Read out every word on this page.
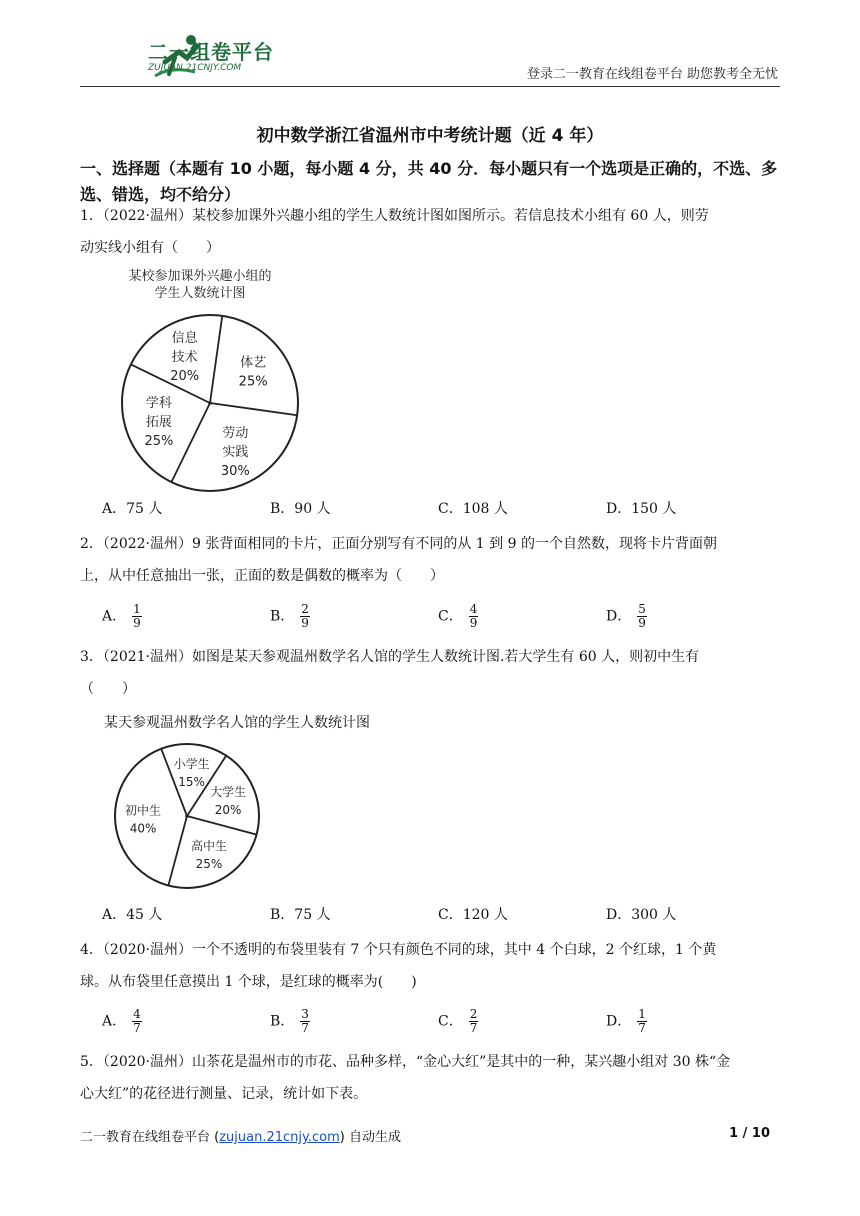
二一组卷平台
ZUJUAN.21CNJY.COM	登录二一教育在线组卷平台 助您教考全无忧
初中数学浙江省温州市中考统计题（近 4 年）
一、选择题（本题有 10 小题，每小题 4 分，共 40 分．每小题只有一个选项是正确的，不选、多选、错选，均不给分）
1．（2022·温州）某校参加课外兴趣小组的学生人数统计图如图所示。若信息技术小组有 60 人，则劳
动实线小组有（　　）
某校参加课外兴趣小组的
学生人数统计图
体艺
25%
劳动
实践
30%
学科
拓展
25%
信息
技术
20%
A．75 人	B．90 人	C．108 人	D．150 人
2．（2022·温州）9 张背面相同的卡片，正面分别写有不同的从 1 到 9 的一个自然数，现将卡片背面朝
上，从中任意抽出一张，正面的数是偶数的概率为（　　）
A． $\frac{1}{9}$	B． $\frac{2}{9}$	C． $\frac{4}{9}$	D． $\frac{5}{9}$
3．（2021·温州）如图是某天参观温州数学名人馆的学生人数统计图.若大学生有 60 人，则初中生有
（　　）
某天参观温州数学名人馆的学生人数统计图
小学生
15%
大学生
20%
高中生
25%
初中生
40%
A．45 人	B．75 人	C．120 人	D．300 人
4．（2020·温州）一个不透明的布袋里装有 7 个只有颜色不同的球，其中 4 个白球，2 个红球，1 个黄
球。从布袋里任意摸出 1 个球，是红球的概率为(　　)
A． $\frac{4}{7}$	B． $\frac{3}{7}$	C． $\frac{2}{7}$	D． $\frac{1}{7}$
5．（2020·温州）山茶花是温州市的市花、品种多样，“金心大红”是其中的一种，某兴趣小组对 30 株“金
心大红”的花径进行测量、记录，统计如下表。
二一教育在线组卷平台 (zujuan.21cnjy.com) 自动生成	1 / 10
